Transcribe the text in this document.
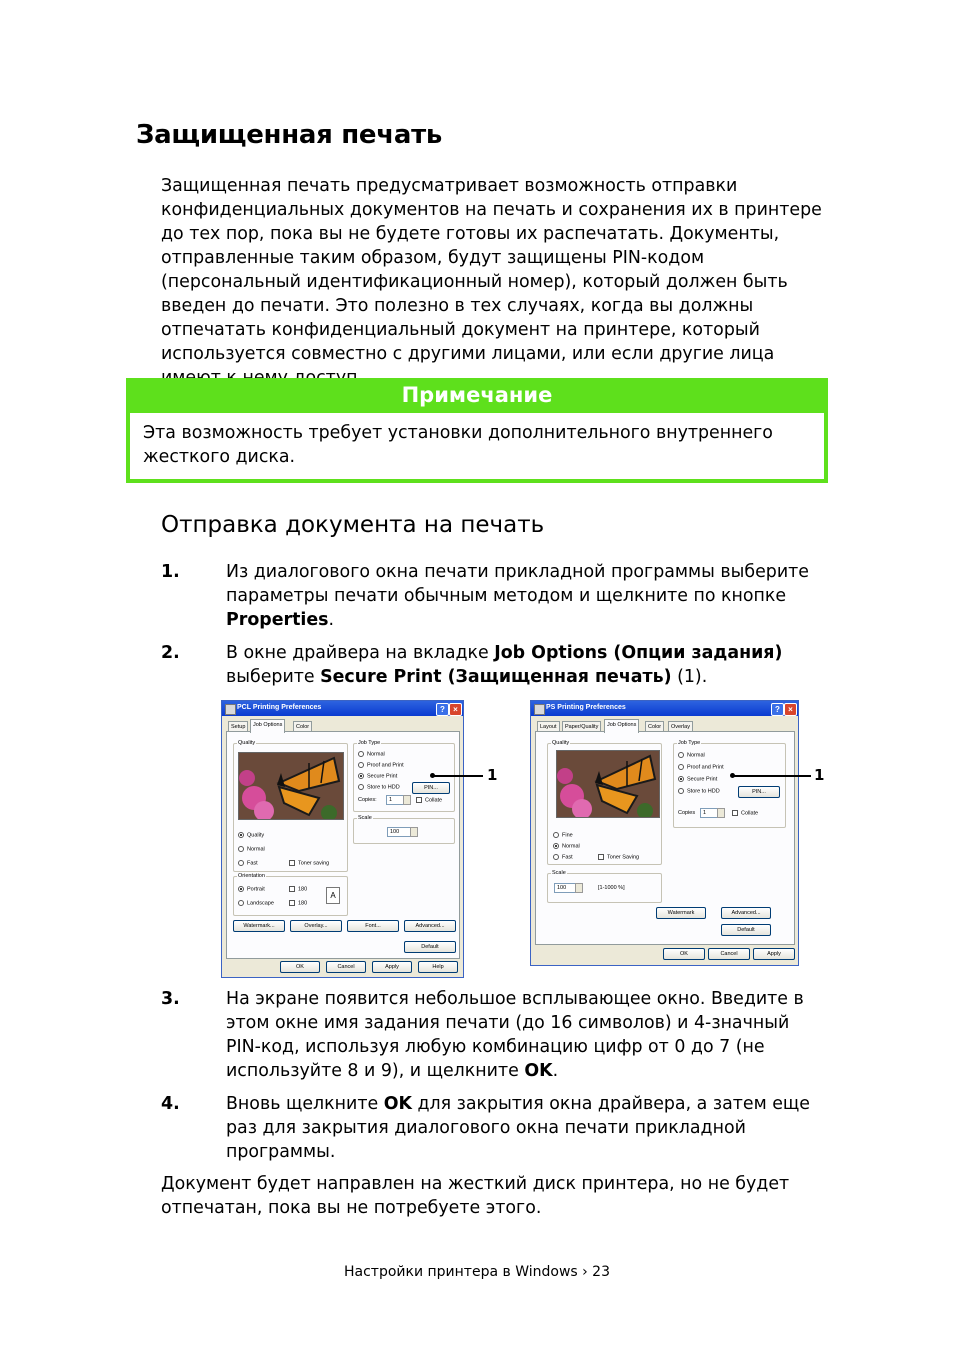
Защищенная печать
Защищенная печать предусматривает возможность отправки конфиденциальных документов на печать и сохранения их в принтере до тех пор, пока вы не будете готовы их распечатать. Документы, отправленные таким образом, будут защищены PIN-кодом (персональный идентификационный номер), который должен быть введен до печати. Это полезно в тех случаях, когда вы должны отпечатать конфиденциальный документ на принтере, который используется совместно с другими лицами, или если другие лица
Примечание
Эта возможность требует установки дополнительного внутреннего жесткого диска.
Отправка документа на печать
1.	Из диалогового окна печати прикладной программы выберите параметры печати обычным методом и щелкните по кнопке Properties.
2.	В окне драйвера на вкладке Job Options (Опции задания) выберите Secure Print (Защищенная печать) (1).
PCL Printing Preferences	?	×
Setup	Job Options	Color
Quality
Quality
Normal
Fast	Toner saving
Orientation
Portrait
Landscape
180
180
A
Job Type
Normal
Proof and Print
Secure Print
Store to HDD	PIN...
Copies:	1	Collate
Scale
100
Watermark...	Overlay...	Font...	Advanced...
Default
OK	Cancel	Apply	Help
1
PS Printing Preferences	?	×
Layout	Paper/Quality	Job Options	Color	Overlay
Quality
Fine
Normal
Fast	Toner Saving
Job Type
Normal
Proof and Print
Secure Print
Store to HDD	PIN...
Copies	1	Collate
Scale
100	[1-1000 %]
Watermark	Advanced...
Default
OK	Cancel	Apply
1
3.	На экране появится небольшое всплывающее окно. Введите в этом окне имя задания печати (до 16 символов) и 4-значный PIN-код, используя любую комбинацию цифр от 0 до 7 (не используйте 8 и 9), и щелкните OK.
4.	Вновь щелкните OK для закрытия окна драйвера, а затем еще раз для закрытия диалогового окна печати прикладной программы.
Документ будет направлен на жесткий диск принтера, но не будет отпечатан, пока вы не потребуете этого.
Настройки принтера в Windows › 23
